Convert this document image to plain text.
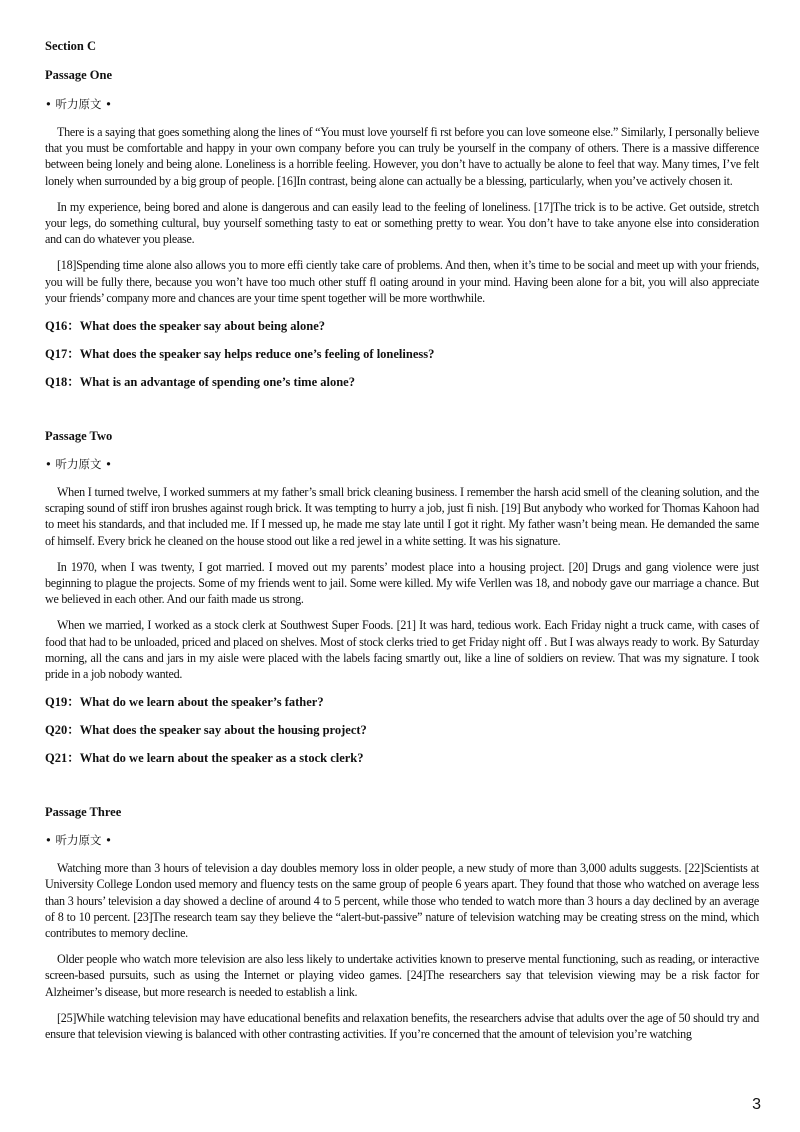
Section C

Passage One

• 听力原文 •

There is a saying that goes something along the lines of “You must love yourself fi rst before you can love someone else.” Similarly, I personally believe that you must be comfortable and happy in your own company before you can truly be yourself in the company of others. There is a massive difference between being lonely and being alone. Loneliness is a horrible feeling. However, you don’t have to actually be alone to feel that way. Many times, I’ve felt lonely when surrounded by a big group of people. [16]In contrast, being alone can actually be a blessing, particularly, when you’ve actively chosen it.

In my experience, being bored and alone is dangerous and can easily lead to the feeling of loneliness. [17]The trick is to be active. Get outside, stretch your legs, do something cultural, buy yourself something tasty to eat or something pretty to wear. You don’t have to take anyone else into consideration and can do whatever you please.

[18]Spending time alone also allows you to more effi ciently take care of problems. And then, when it’s time to be social and meet up with your friends, you will be fully there, because you won’t have too much other stuff fl oating around in your mind. Having been alone for a bit, you will also appreciate your friends’ company more and chances are your time spent together will be more worthwhile.

Q16：What does the speaker say about being alone?

Q17：What does the speaker say helps reduce one’s feeling of loneliness?

Q18：What is an advantage of spending one’s time alone?

Passage Two

• 听力原文 •

When I turned twelve, I worked summers at my father’s small brick cleaning business. I remember the harsh acid smell of the cleaning solution, and the scraping sound of stiff iron brushes against rough brick. It was tempting to hurry a job, just fi nish. [19] But anybody who worked for Thomas Kahoon had to meet his standards, and that included me. If I messed up, he made me stay late until I got it right. My father wasn’t being mean. He demanded the same of himself. Every brick he cleaned on the house stood out like a red jewel in a white setting. It was his signature.

In 1970, when I was twenty, I got married. I moved out my parents’ modest place into a housing project. [20] Drugs and gang violence were just beginning to plague the projects. Some of my friends went to jail. Some were killed. My wife Verllen was 18, and nobody gave our marriage a chance. But we believed in each other. And our faith made us strong.

When we married, I worked as a stock clerk at Southwest Super Foods. [21] It was hard, tedious work. Each Friday night a truck came, with cases of food that had to be unloaded, priced and placed on shelves. Most of stock clerks tried to get Friday night off . But I was always ready to work. By Saturday morning, all the cans and jars in my aisle were placed with the labels facing smartly out, like a line of soldiers on review. That was my signature. I took pride in a job nobody wanted.

Q19：What do we learn about the speaker’s father?

Q20：What does the speaker say about the housing project?

Q21：What do we learn about the speaker as a stock clerk?

Passage Three

• 听力原文 •

Watching more than 3 hours of television a day doubles memory loss in older people, a new study of more than 3,000 adults suggests. [22]Scientists at University College London used memory and fluency tests on the same group of people 6 years apart. They found that those who watched on average less than 3 hours’ television a day showed a decline of around 4 to 5 percent, while those who tended to watch more than 3 hours a day declined by an average of 8 to 10 percent. [23]The research team say they believe the “alert-but-passive” nature of television watching may be creating stress on the mind, which contributes to memory decline.

Older people who watch more television are also less likely to undertake activities known to preserve mental functioning, such as reading, or interactive screen-based pursuits, such as using the Internet or playing video games. [24]The researchers say that television viewing may be a risk factor for Alzheimer’s disease, but more research is needed to establish a link.

[25]While watching television may have educational benefits and relaxation benefits, the researchers advise that adults over the age of 50 should try and ensure that television viewing is balanced with other contrasting activities. If you’re concerned that the amount of television you’re watching

3
